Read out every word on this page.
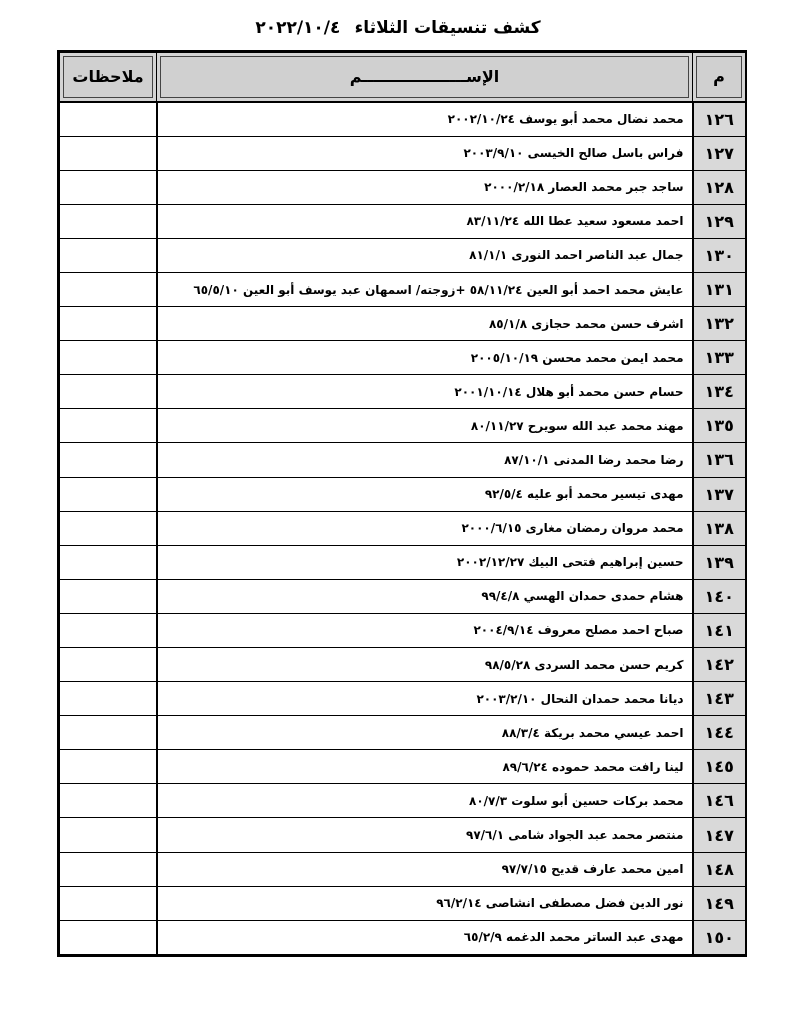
كشف تنسيقات الثلاثاء ٢٠٢٢/١٠/٤
م	الإســـــــــــــــــــم	ملاحظات

١٢٦	محمد نضال محمد أبو يوسف ٢٠٠٢/١٠/٢٤	
١٢٧	فراس باسل صالح الخيسى ٢٠٠٣/٩/١٠	
١٢٨	ساجد جبر محمد العصار ٢٠٠٠/٢/١٨	
١٢٩	احمد مسعود سعيد عطا الله ٨٣/١١/٢٤	
١٣٠	جمال عبد الناصر احمد النورى ٨١/١/١	
١٣١	عايش محمد احمد أبو العين ٥٨/١١/٢٤ +زوجته/ اسمهان عبد يوسف أبو العين ٦٥/٥/١٠	
١٣٢	اشرف حسن محمد حجازى ٨٥/١/٨	
١٣٣	محمد ايمن محمد محسن ٢٠٠٥/١٠/١٩	
١٣٤	حسام حسن محمد أبو هلال ٢٠٠١/١٠/١٤	
١٣٥	مهند محمد عبد الله سويرح ٨٠/١١/٢٧	
١٣٦	رضا محمد رضا المدنى ٨٧/١٠/١	
١٣٧	مهدى تيسير محمد أبو عليه ٩٢/٥/٤	
١٣٨	محمد مروان رمضان مغارى ٢٠٠٠/٦/١٥	
١٣٩	حسين إبراهيم فتحى البيك ٢٠٠٢/١٢/٢٧	
١٤٠	هشام حمدى حمدان الهسي ٩٩/٤/٨	
١٤١	صباح احمد مصلح معروف ٢٠٠٤/٩/١٤	
١٤٢	كريم حسن محمد السردى ٩٨/٥/٢٨	
١٤٣	ديانا محمد حمدان النحال ٢٠٠٣/٢/١٠	
١٤٤	احمد عيسي محمد بريكة ٨٨/٣/٤	
١٤٥	لينا رافت محمد حموده ٨٩/٦/٢٤	
١٤٦	محمد بركات حسين أبو سلوت ٨٠/٧/٣	
١٤٧	منتصر محمد عبد الجواد شامى ٩٧/٦/١	
١٤٨	امين محمد عارف قديح ٩٧/٧/١٥	
١٤٩	نور الدين فضل مصطفى انشاصى ٩٦/٢/١٤	
١٥٠	مهدى عبد الساتر محمد الدغمه ٦٥/٢/٩	
